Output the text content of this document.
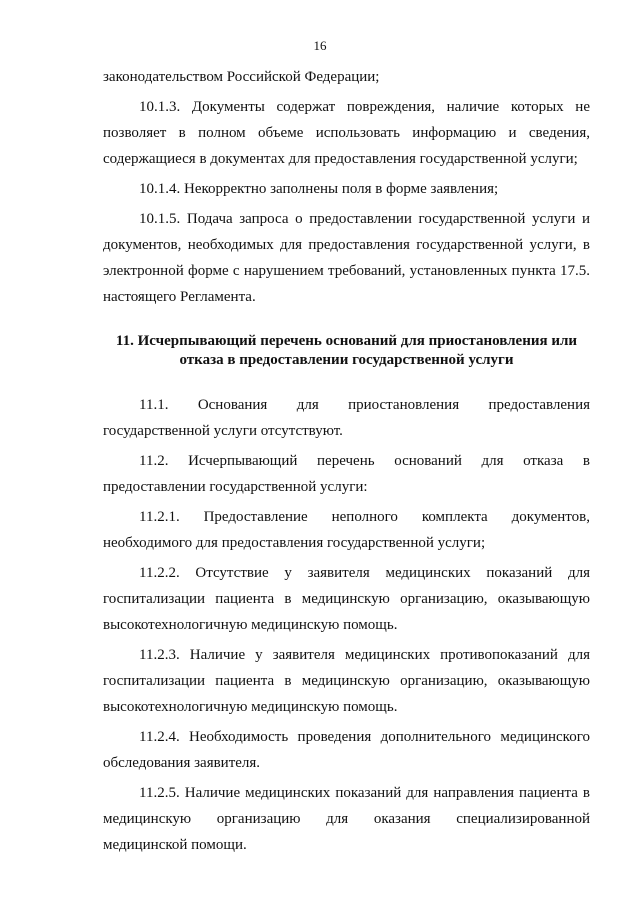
16

законодательством Российской Федерации;

10.1.3. Документы содержат повреждения, наличие которых не позволяет в полном объеме использовать информацию и сведения, содержащиеся в документах для предоставления государственной услуги;

10.1.4. Некорректно заполнены поля в форме заявления;

10.1.5. Подача запроса о предоставлении государственной услуги и документов, необходимых для предоставления государственной услуги, в электронной форме с нарушением требований, установленных пункта 17.5. настоящего Регламента.

11. Исчерпывающий перечень оснований для приостановления или
отказа в предоставлении государственной услуги

11.1. Основания для приостановления предоставления государственной услуги отсутствуют.

11.2. Исчерпывающий перечень оснований для отказа в предоставлении государственной услуги:

11.2.1. Предоставление неполного комплекта документов, необходимого для предоставления государственной услуги;

11.2.2. Отсутствие у заявителя медицинских показаний для госпитализации пациента в медицинскую организацию, оказывающую высокотехнологичную медицинскую помощь.

11.2.3. Наличие у заявителя медицинских противопоказаний для госпитализации пациента в медицинскую организацию, оказывающую высокотехнологичную медицинскую помощь.

11.2.4. Необходимость проведения дополнительного медицинского обследования заявителя.

11.2.5. Наличие медицинских показаний для направления пациента в медицинскую организацию для оказания специализированной медицинской помощи.
